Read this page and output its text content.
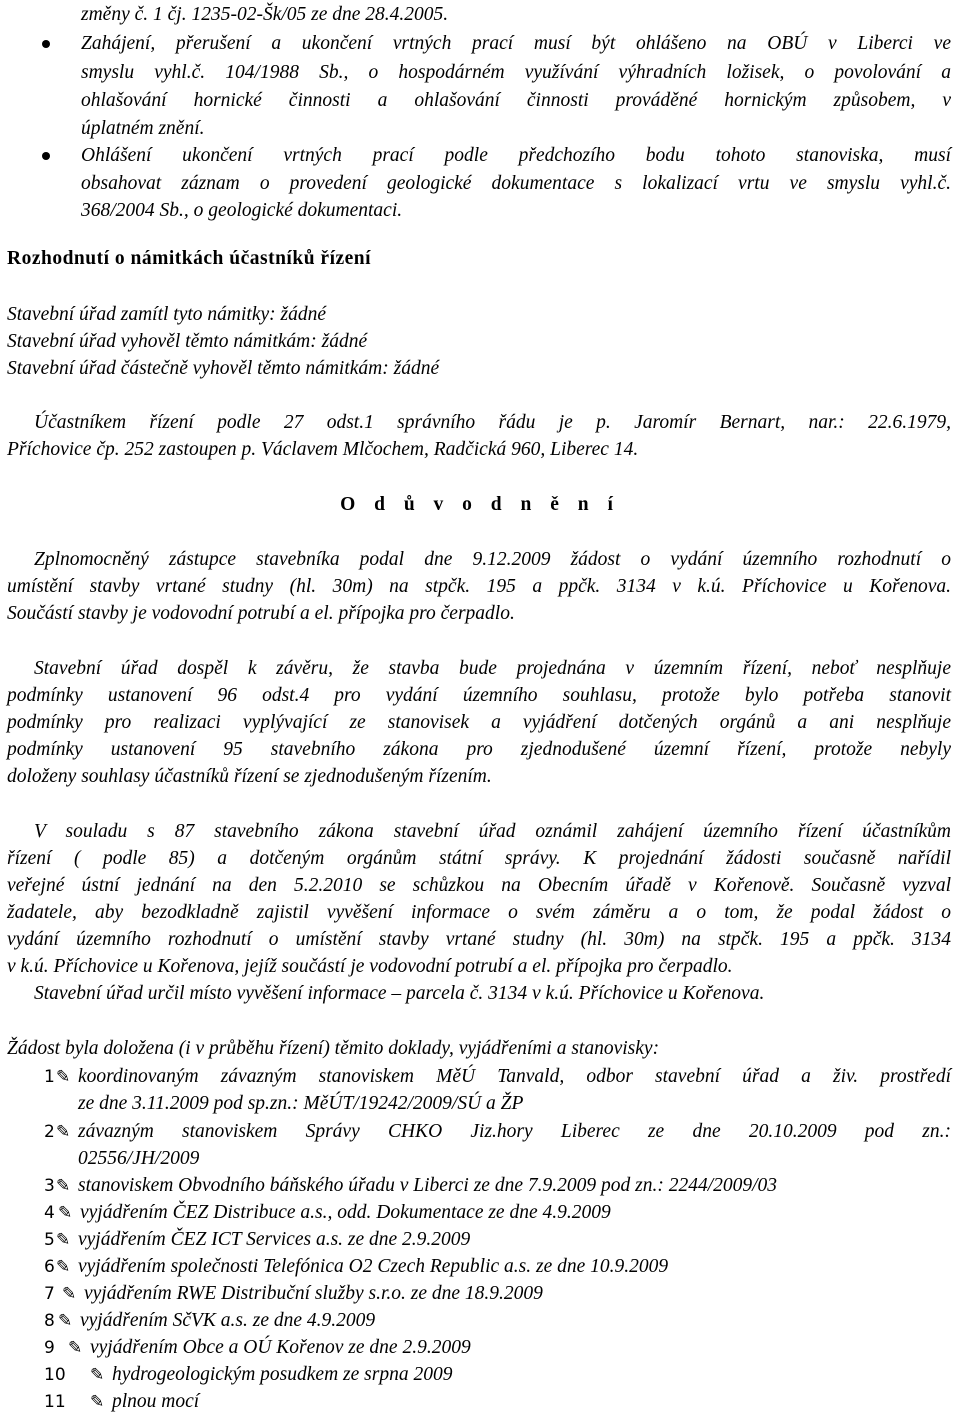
změny č. 1 čj. 1235-02-Šk/05 ze dne 28.4.2005.
Zahájení, přerušení a ukončení vrtných prací musí být ohlášeno na OBÚ v Liberci ve
smyslu vyhl.č. 104/1988 Sb., o hospodárném využívání výhradních ložisek, o povolování a
ohlašování hornické činnosti a ohlašování činnosti prováděné hornickým způsobem, v
úplatném znění.
Ohlášení ukončení vrtných prací podle předchozího bodu tohoto stanoviska, musí
obsahovat záznam o provedení geologické dokumentace s lokalizací vrtu ve smyslu vyhl.č.
368/2004 Sb., o geologické dokumentaci.
Rozhodnutí o námitkách účastníků řízení
Stavební úřad zamítl tyto námitky: žádné
Stavební úřad vyhověl těmto námitkám: žádné
Stavební úřad částečně vyhověl těmto námitkám: žádné
Účastníkem řízení podle 27 odst.1 správního řádu je p. Jaromír Bernart, nar.: 22.6.1979,
Příchovice čp. 252 zastoupen p. Václavem Mlčochem, Radčická 960, Liberec 14.
O d ů v o d n ě n í
Zplnomocněný zástupce stavebníka podal dne 9.12.2009 žádost o vydání územního rozhodnutí o
umístění stavby vrtané studny (hl. 30m) na stpčk. 195 a ppčk. 3134 v k.ú. Příchovice u Kořenova.
Součástí stavby je vodovodní potrubí a el. přípojka pro čerpadlo.
Stavební úřad dospěl k závěru, že stavba bude projednána v územním řízení, neboť nesplňuje
podmínky ustanovení 96 odst.4 pro vydání územního souhlasu, protože bylo potřeba stanovit
podmínky pro realizaci vyplývající ze stanovisek a vyjádření dotčených orgánů a ani nesplňuje
podmínky ustanovení 95 stavebního zákona pro zjednodušené územní řízení, protože nebyly
doloženy souhlasy účastníků řízení se zjednodušeným řízením.
V souladu s 87 stavebního zákona stavební úřad oznámil zahájení územního řízení účastníkům
řízení ( podle 85) a dotčeným orgánům státní správy. K projednání žádosti současně nařídil
veřejné ústní jednání na den 5.2.2010 se schůzkou na Obecním úřadě v Kořenově. Současně vyzval
žadatele, aby bezodkladně zajistil vyvěšení informace o svém záměru a o tom, že podal žádost o
vydání územního rozhodnutí o umístění stavby vrtané studny (hl. 30m) na stpčk. 195 a ppčk. 3134
v k.ú. Příchovice u Kořenova, jejíž součástí je vodovodní potrubí a el. přípojka pro čerpadlo.
Stavební úřad určil místo vyvěšení informace – parcela č. 3134 v k.ú. Příchovice u Kořenova.
Žádost byla doložena (i v průběhu řízení) těmito doklady, vyjádřeními a stanovisky:
1 ✎ koordinovaným závazným stanoviskem MěÚ Tanvald, odbor stavební úřad a živ. prostředí
ze dne 3.11.2009 pod sp.zn.: MěÚT/19242/2009/SÚ a ŽP
2 ✎ závazným stanoviskem Správy CHKO Jiz.hory Liberec ze dne 20.10.2009 pod zn.:
02556/JH/2009
3 ✎ stanoviskem Obvodního báňského úřadu v Liberci ze dne 7.9.2009 pod zn.: 2244/2009/03
4 ✎ vyjádřením ČEZ Distribuce a.s., odd. Dokumentace ze dne 4.9.2009
5 ✎ vyjádřením ČEZ ICT Services a.s. ze dne 2.9.2009
6 ✎ vyjádřením společnosti Telefónica O2 Czech Republic a.s. ze dne 10.9.2009
7 ✎ vyjádřením RWE Distribuční služby s.r.o. ze dne 18.9.2009
8 ✎ vyjádřením SčVK a.s. ze dne 4.9.2009
9 ✎ vyjádřením Obce a OÚ Kořenov ze dne 2.9.2009
10 ✎ hydrogeologickým posudkem ze srpna 2009
11 ✎ plnou mocí
